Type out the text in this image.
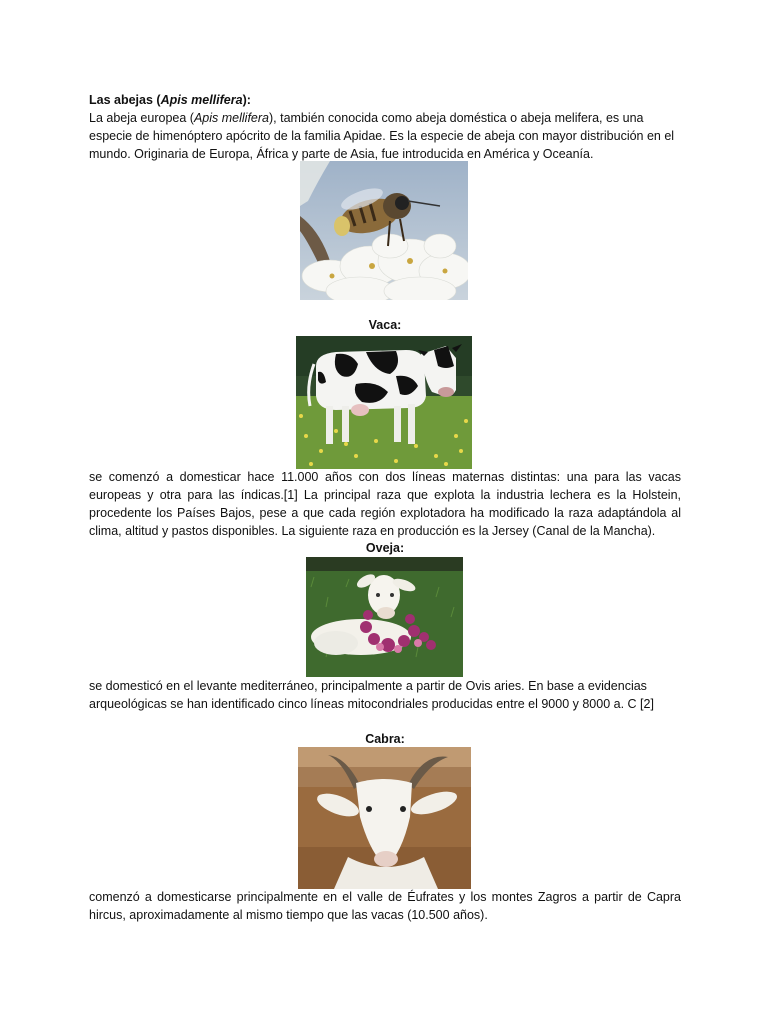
Las abejas (Apis mellifera):
La abeja europea (Apis mellifera), también conocida como abeja doméstica o abeja melifera, es una especie de himenóptero apócrito de la familia Apidae. Es la especie de abeja con mayor distribución en el mundo. Originaria de Europa, África y parte de Asia, fue introducida en América y Oceanía.
Vaca:
se comenzó a domesticar hace 11.000 años con dos líneas maternas distintas: una para las vacas europeas y otra para las índicas.[1] La principal raza que explota la industria lechera es la Holstein, procedente los Países Bajos, pese a que cada región explotadora ha modificado la raza adaptándola al clima, altitud y pastos disponibles. La siguiente raza en producción es la Jersey (Canal de la Mancha).
Oveja:
se domesticó en el levante mediterráneo, principalmente a partir de Ovis aries. En base a evidencias arqueológicas se han identificado cinco líneas mitocondriales producidas entre el 9000 y 8000 a. C [2]
Cabra:
comenzó a domesticarse principalmente en el valle de Éufrates y los montes Zagros a partir de Capra hircus, aproximadamente al mismo tiempo que las vacas (10.500 años).
